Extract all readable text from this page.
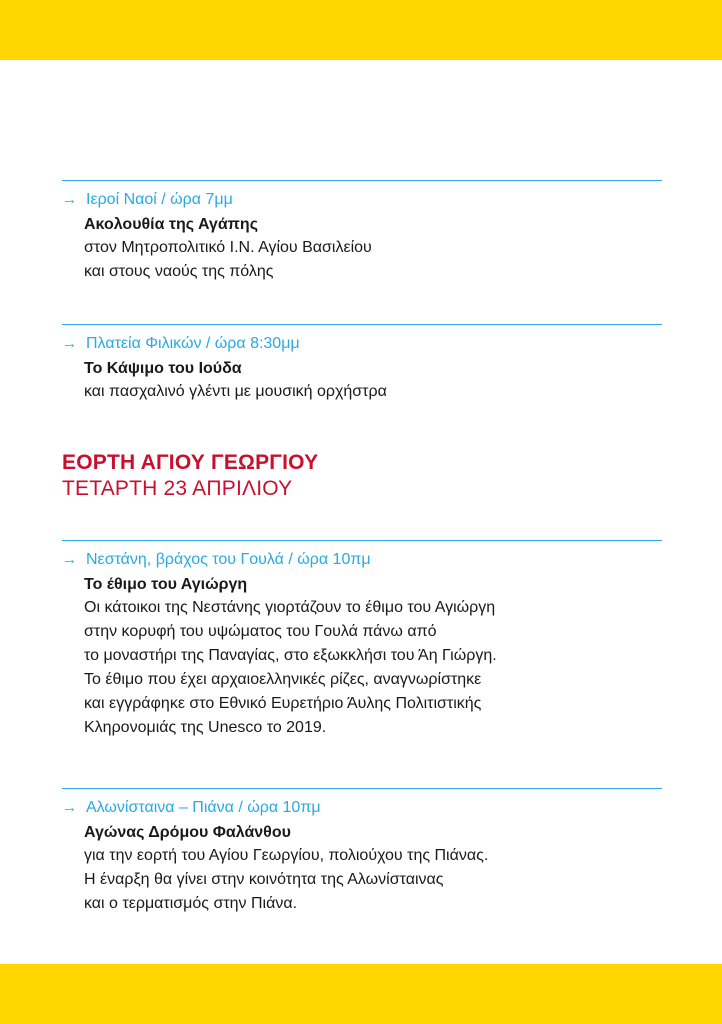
→ Ιεροί Ναοί / ώρα 7μμ
Ακολουθία της Αγάπης
στον Μητροπολιτικό Ι.Ν. Αγίου Βασιλείου
και στους ναούς της πόλης
→ Πλατεία Φιλικών / ώρα 8:30μμ
Το Κάψιμο του Ιούδα
και πασχαλινό γλέντι με μουσική ορχήστρα
ΕΟΡΤΗ ΑΓΙΟΥ ΓΕΩΡΓΙΟΥ
ΤΕΤΑΡΤΗ 23 ΑΠΡΙΛΙΟΥ
→ Νεστάνη, βράχος του Γουλά / ώρα 10πμ
Το έθιμο του Αγιώργη
Οι κάτοικοι της Νεστάνης γιορτάζουν το έθιμο του Αγιώργη
στην κορυφή του υψώματος του Γουλά πάνω από
το μοναστήρι της Παναγίας, στο εξωκκλήσι του Άη Γιώργη.
Το έθιμο που έχει αρχαιοελληνικές ρίζες, αναγνωρίστηκε
και εγγράφηκε στο Εθνικό Ευρετήριο Άυλης Πολιτιστικής
Κληρονομιάς της Unesco το 2019.
→ Αλωνίσταινα – Πιάνα / ώρα 10πμ
Αγώνας Δρόμου Φαλάνθου
για την εορτή του Αγίου Γεωργίου, πολιούχου της Πιάνας.
Η έναρξη θα γίνει στην κοινότητα της Αλωνίσταινας
και ο τερματισμός στην Πιάνα.
